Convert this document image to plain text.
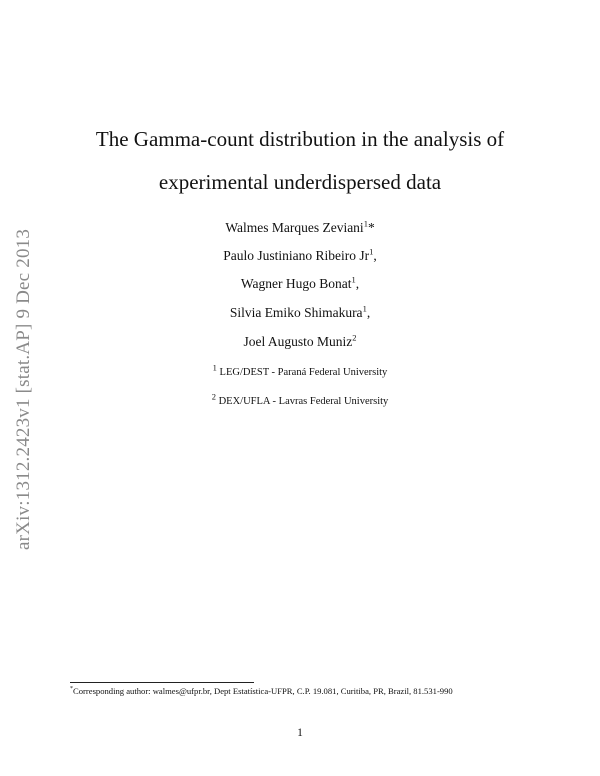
arXiv:1312.2423v1 [stat.AP] 9 Dec 2013
The Gamma-count distribution in the analysis of
experimental underdispersed data
Walmes Marques Zeviani$^1$*
Paulo Justiniano Ribeiro Jr$^1$,
Wagner Hugo Bonat$^1$,
Silvia Emiko Shimakura$^1$,
Joel Augusto Muniz$^2$
$^1$ LEG/DEST - Paraná Federal University
$^2$ DEX/UFLA - Lavras Federal University
*Corresponding author: walmes@ufpr.br, Dept Estatística-UFPR, C.P. 19.081, Curitiba, PR, Brazil, 81.531-990
1
